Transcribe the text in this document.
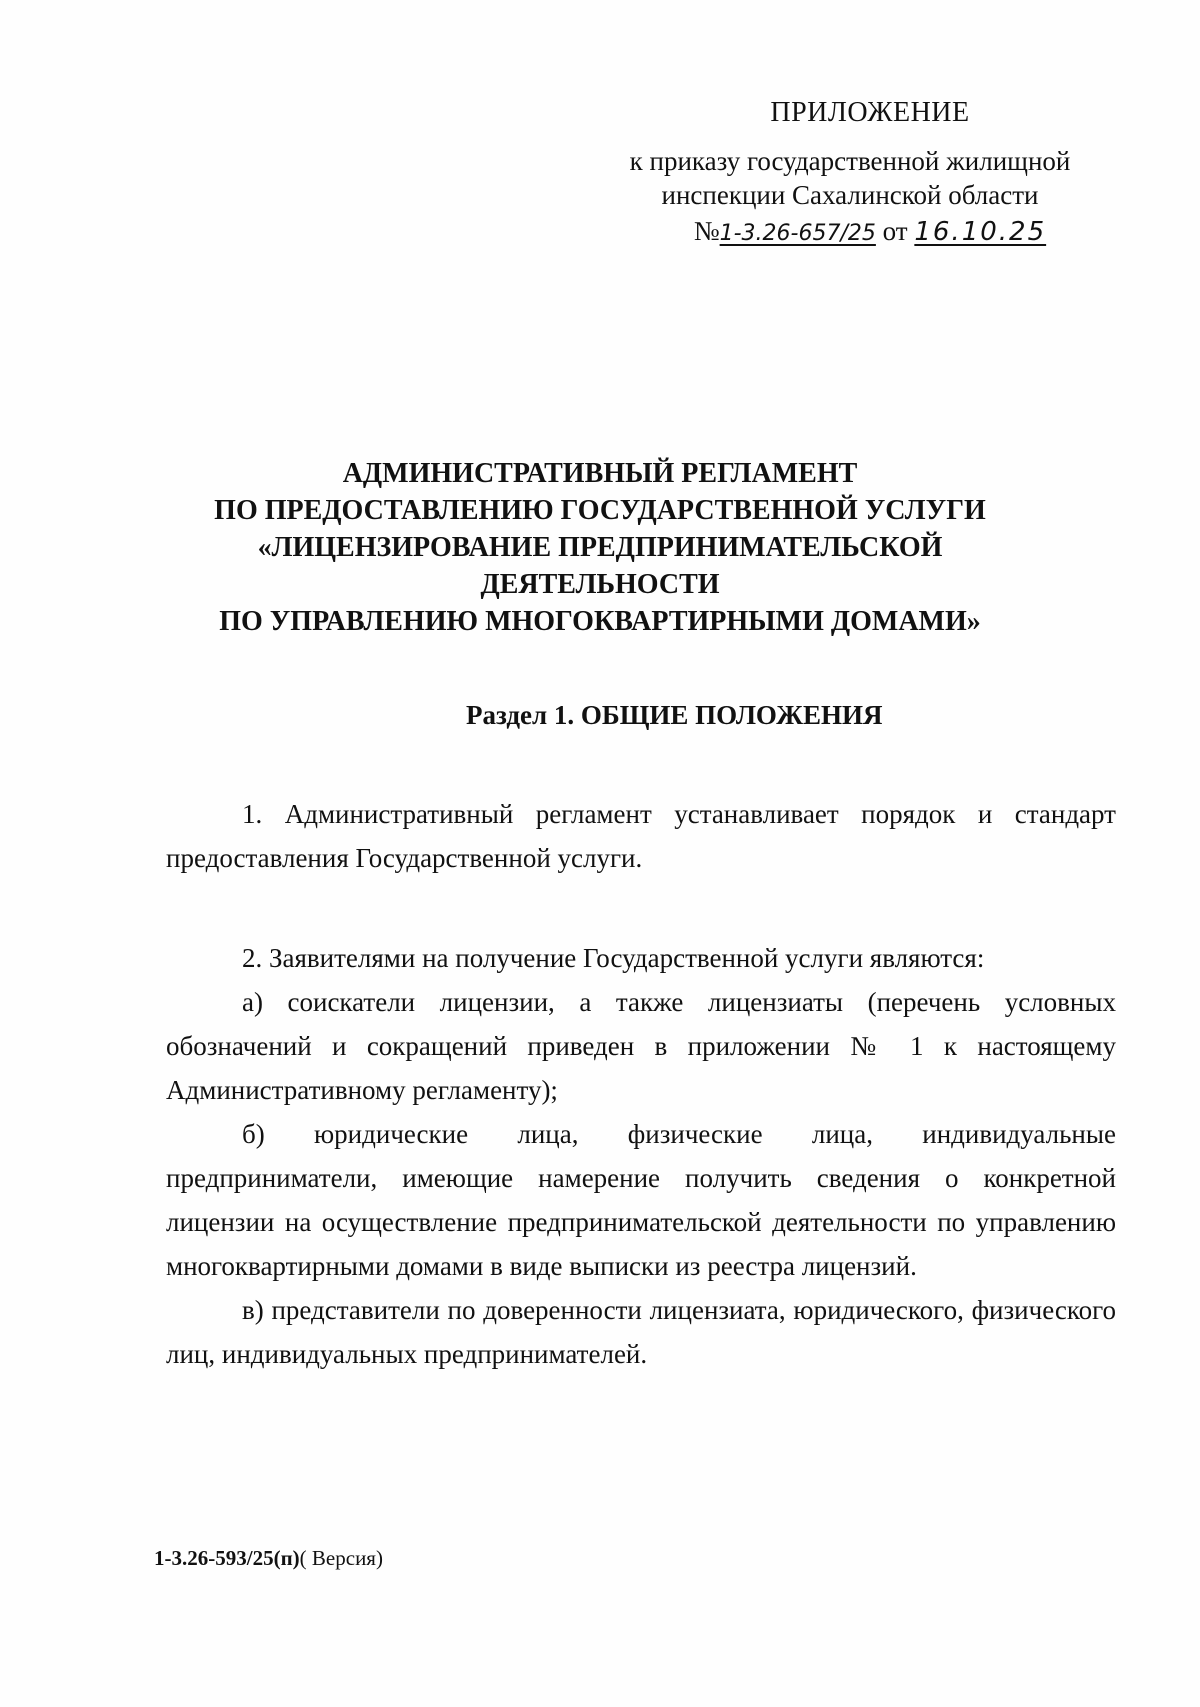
ПРИЛОЖЕНИЕ
к приказу государственной жилищной
инспекции Сахалинской области
№1-3.26-657/25 от 16.10.25
АДМИНИСТРАТИВНЫЙ РЕГЛАМЕНТ
ПО ПРЕДОСТАВЛЕНИЮ ГОСУДАРСТВЕННОЙ УСЛУГИ
«ЛИЦЕНЗИРОВАНИЕ ПРЕДПРИНИМАТЕЛЬСКОЙ
ДЕЯТЕЛЬНОСТИ
ПО УПРАВЛЕНИЮ МНОГОКВАРТИРНЫМИ ДОМАМИ»
Раздел 1. ОБЩИЕ ПОЛОЖЕНИЯ

1. Административный регламент устанавливает порядок и стандарт предоставления Государственной услуги.

2. Заявителями на получение Государственной услуги являются:

а) соискатели лицензии, а также лицензиаты (перечень условных обозначений и сокращений приведен в приложении № 1 к настоящему Административному регламенту);

б) юридические лица, физические лица, индивидуальные предприниматели, имеющие намерение получить сведения о конкретной лицензии на осуществление предпринимательской деятельности по управлению многоквартирными домами в виде выписки из реестра лицензий.

в) представители по доверенности лицензиата, юридического, физического лиц, индивидуальных предпринимателей.

1-3.26-593/25(п)( Версия)
